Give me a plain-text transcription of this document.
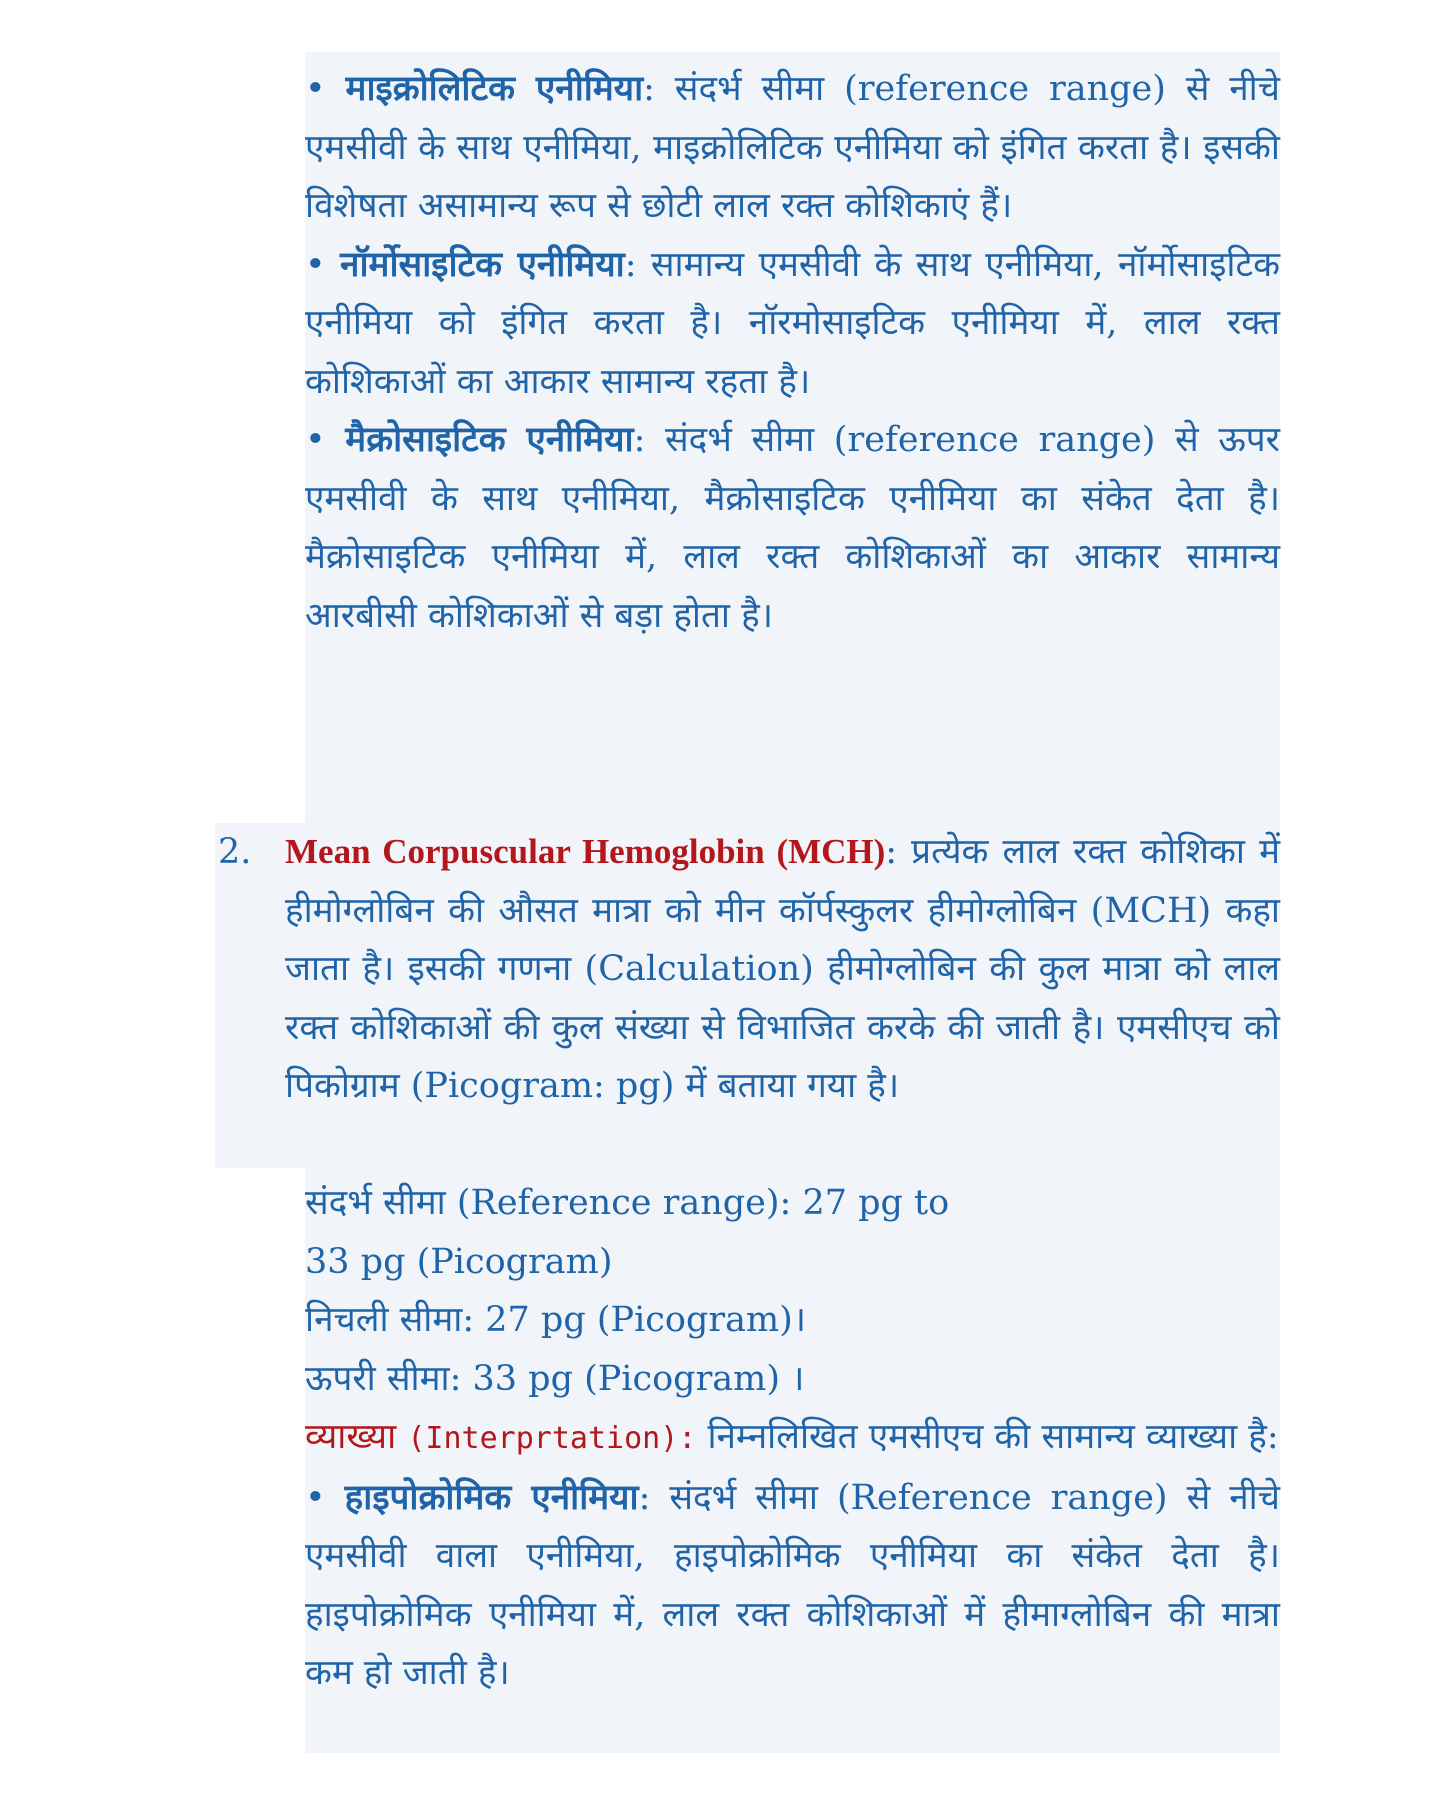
• माइक्रोलिटिक एनीमिया: संदर्भ सीमा (reference range) से नीचे एमसीवी के साथ एनीमिया, माइक्रोलिटिक एनीमिया को इंगित करता है। इसकी विशेषता असामान्य रूप से छोटी लाल रक्त कोशिकाएं हैं।

• नॉर्मोसाइटिक एनीमिया: सामान्य एमसीवी के साथ एनीमिया, नॉर्मोसाइटिक एनीमिया को इंगित करता है। नॉरमोसाइटिक एनीमिया में, लाल रक्त कोशिकाओं का आकार सामान्य रहता है।

• मैक्रोसाइटिक एनीमिया: संदर्भ सीमा (reference range) से ऊपर एमसीवी के साथ एनीमिया, मैक्रोसाइटिक एनीमिया का संकेत देता है। मैक्रोसाइटिक एनीमिया में, लाल रक्त कोशिकाओं का आकार सामान्य आरबीसी कोशिकाओं से बड़ा होता है।

2. Mean Corpuscular Hemoglobin (MCH): प्रत्येक लाल रक्त कोशिका में हीमोग्लोबिन की औसत मात्रा को मीन कॉर्पस्कुलर हीमोग्लोबिन (MCH) कहा जाता है। इसकी गणना (Calculation) हीमोग्लोबिन की कुल मात्रा को लाल रक्त कोशिकाओं की कुल संख्या से विभाजित करके की जाती है। एमसीएच को पिकोग्राम (Picogram: pg) में बताया गया है।

संदर्भ सीमा (Reference range): 27 pg to 33 pg (Picogram)

निचली सीमा: 27 pg (Picogram)।

ऊपरी सीमा: 33 pg (Picogram) ।

व्याख्या (Interprtation): निम्नलिखित एमसीएच की सामान्य व्याख्या है:

• हाइपोक्रोमिक एनीमिया: संदर्भ सीमा (Reference range) से नीचे एमसीवी वाला एनीमिया, हाइपोक्रोमिक एनीमिया का संकेत देता है। हाइपोक्रोमिक एनीमिया में, लाल रक्त कोशिकाओं में हीमाग्लोबिन की मात्रा कम हो जाती है।
